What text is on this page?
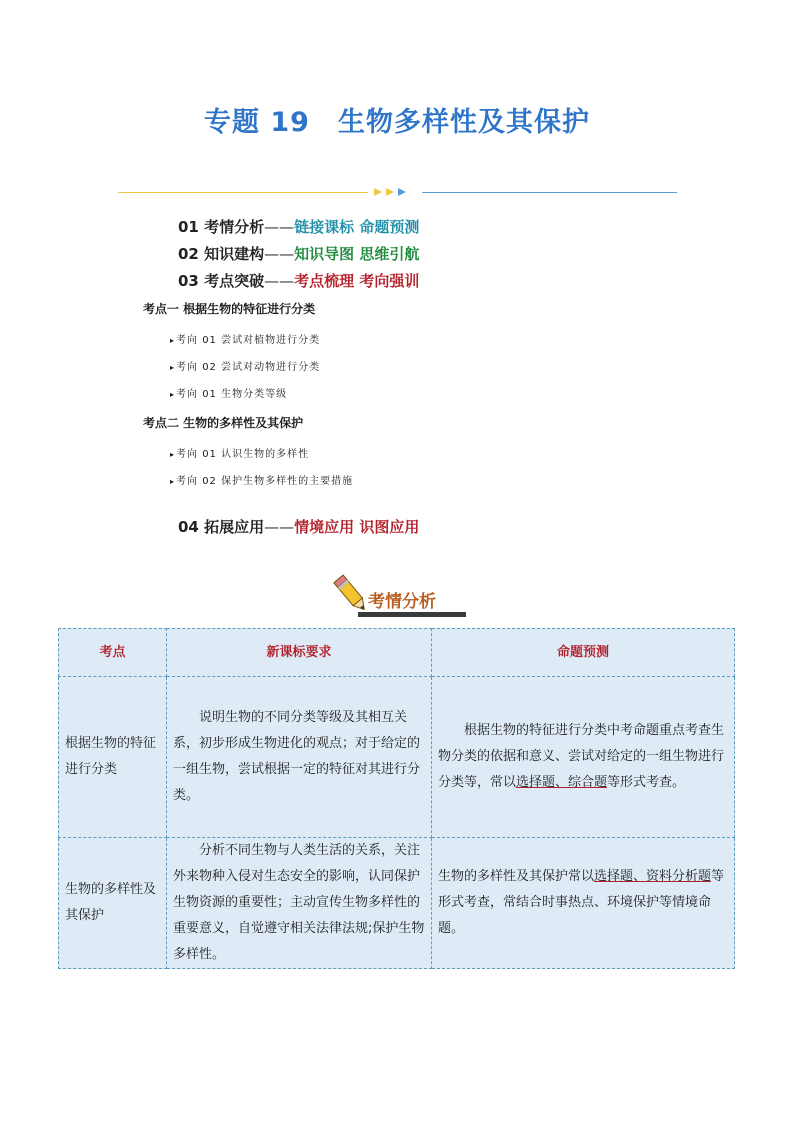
专题 19 生物多样性及其保护
01 考情分析——链接课标 命题预测
02 知识建构——知识导图 思维引航
03 考点突破——考点梳理 考向强训
考点一 根据生物的特征进行分类
▸考向 01 尝试对植物进行分类
▸考向 02 尝试对动物进行分类
▸考向 01 生物分类等级
考点二 生物的多样性及其保护
▸考向 01 认识生物的多样性
▸考向 02 保护生物多样性的主要措施
04 拓展应用——情境应用 识图应用
考情分析
考点	新课标要求	命题预测
根据生物的特征进行分类	说明生物的不同分类等级及其相互关系，初步形成生物进化的观点；对于给定的一组生物，尝试根据一定的特征对其进行分类。	根据生物的特征进行分类中考命题重点考查生物分类的依据和意义、尝试对给定的一组生物进行分类等，常以选择题、综合题等形式考查。
生物的多样性及其保护	分析不同生物与人类生活的关系，关注外来物种入侵对生态安全的影响，认同保护生物资源的重要性；主动宣传生物多样性的重要意义，自觉遵守相关法律法规;保护生物多样性。	生物的多样性及其保护常以选择题、资料分析题等形式考查，常结合时事热点、环境保护等情境命题。
